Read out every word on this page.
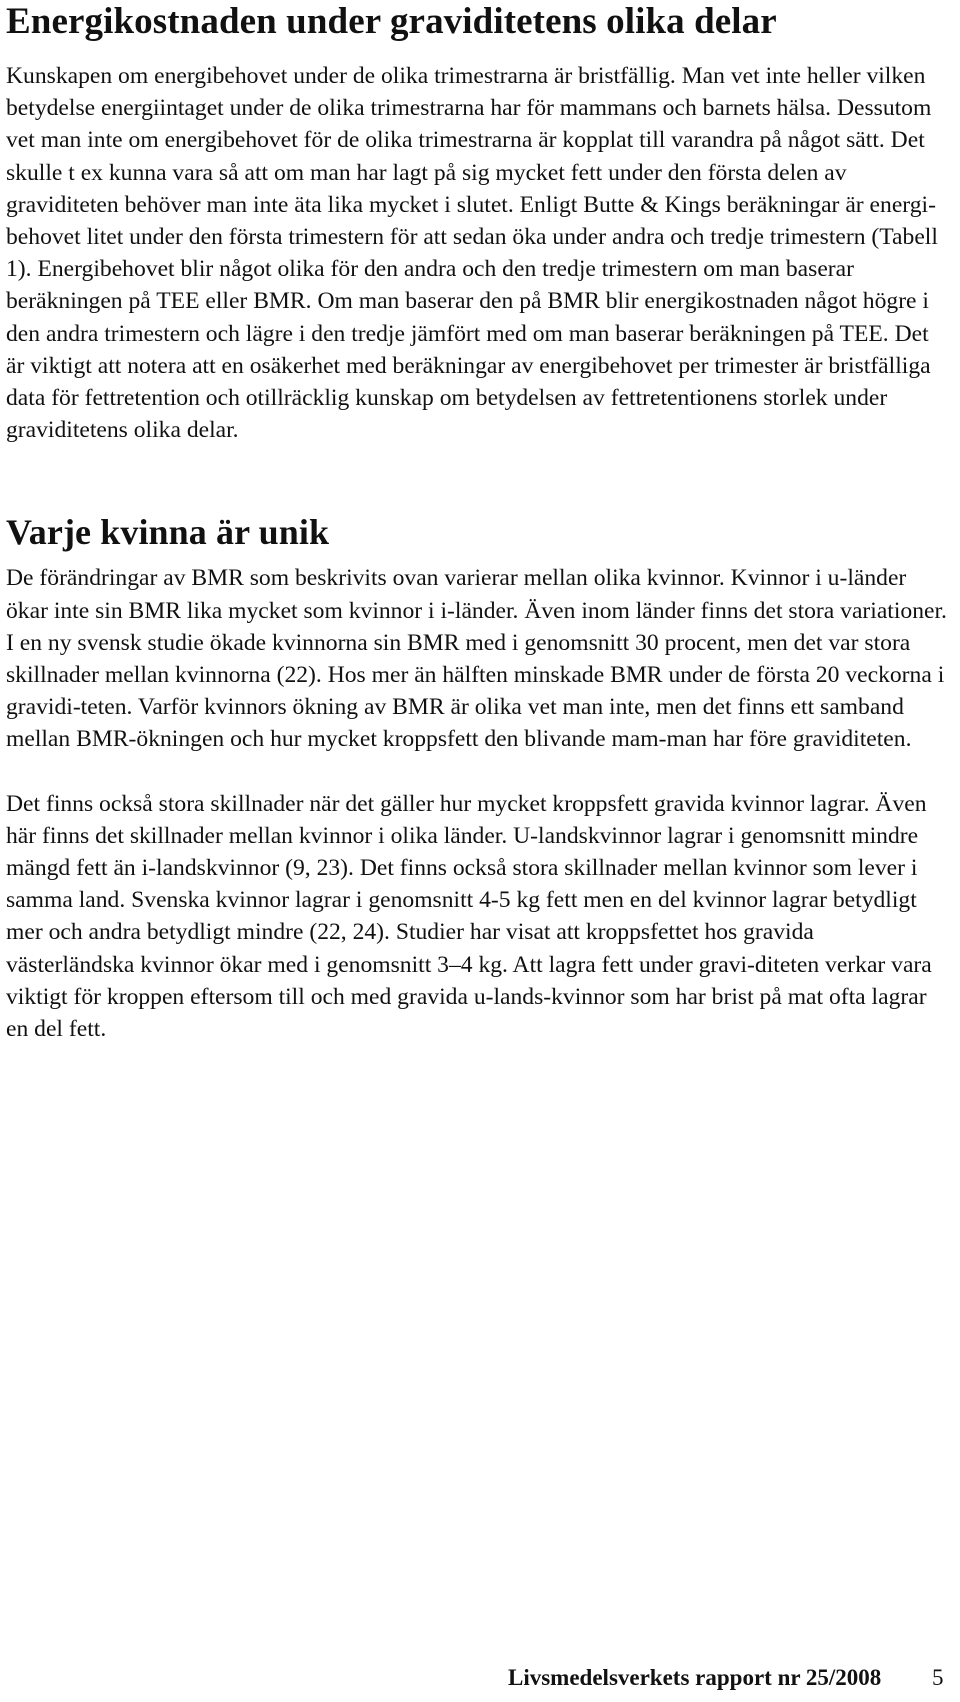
Energikostnaden under graviditetens olika delar

Kunskapen om energibehovet under de olika trimestrarna är bristfällig. Man vet inte heller vilken betydelse energiintaget under de olika trimestrarna har för mammans och barnets hälsa. Dessutom vet man inte om energibehovet för de olika trimestrarna är kopplat till varandra på något sätt. Det skulle t ex kunna vara så att om man har lagt på sig mycket fett under den första delen av graviditeten behöver man inte äta lika mycket i slutet. Enligt Butte & Kings beräkningar är energi-behovet litet under den första trimestern för att sedan öka under andra och tredje trimestern (Tabell 1). Energibehovet blir något olika för den andra och den tredje trimestern om man baserar beräkningen på TEE eller BMR. Om man baserar den på BMR blir energikostnaden något högre i den andra trimestern och lägre i den tredje jämfört med om man baserar beräkningen på TEE. Det är viktigt att notera att en osäkerhet med beräkningar av energibehovet per trimester är bristfälliga data för fettretention och otillräcklig kunskap om betydelsen av fettretentionens storlek under graviditetens olika delar.

Varje kvinna är unik

De förändringar av BMR som beskrivits ovan varierar mellan olika kvinnor. Kvinnor i u-länder ökar inte sin BMR lika mycket som kvinnor i i-länder. Även inom länder finns det stora variationer. I en ny svensk studie ökade kvinnorna sin BMR med i genomsnitt 30 procent, men det var stora skillnader mellan kvinnorna (22). Hos mer än hälften minskade BMR under de första 20 veckorna i gravidi-teten. Varför kvinnors ökning av BMR är olika vet man inte, men det finns ett samband mellan BMR-ökningen och hur mycket kroppsfett den blivande mam-man har före graviditeten.

Det finns också stora skillnader när det gäller hur mycket kroppsfett gravida kvinnor lagrar. Även här finns det skillnader mellan kvinnor i olika länder. U-landskvinnor lagrar i genomsnitt mindre mängd fett än i-landskvinnor (9, 23). Det finns också stora skillnader mellan kvinnor som lever i samma land. Svenska kvinnor lagrar i genomsnitt 4-5 kg fett men en del kvinnor lagrar betydligt mer och andra betydligt mindre (22, 24). Studier har visat att kroppsfettet hos gravida västerländska kvinnor ökar med i genomsnitt 3–4 kg. Att lagra fett under gravi-diteten verkar vara viktigt för kroppen eftersom till och med gravida u-lands-kvinnor som har brist på mat ofta lagrar en del fett.

Livsmedelsverkets rapport nr 25/2008 5
